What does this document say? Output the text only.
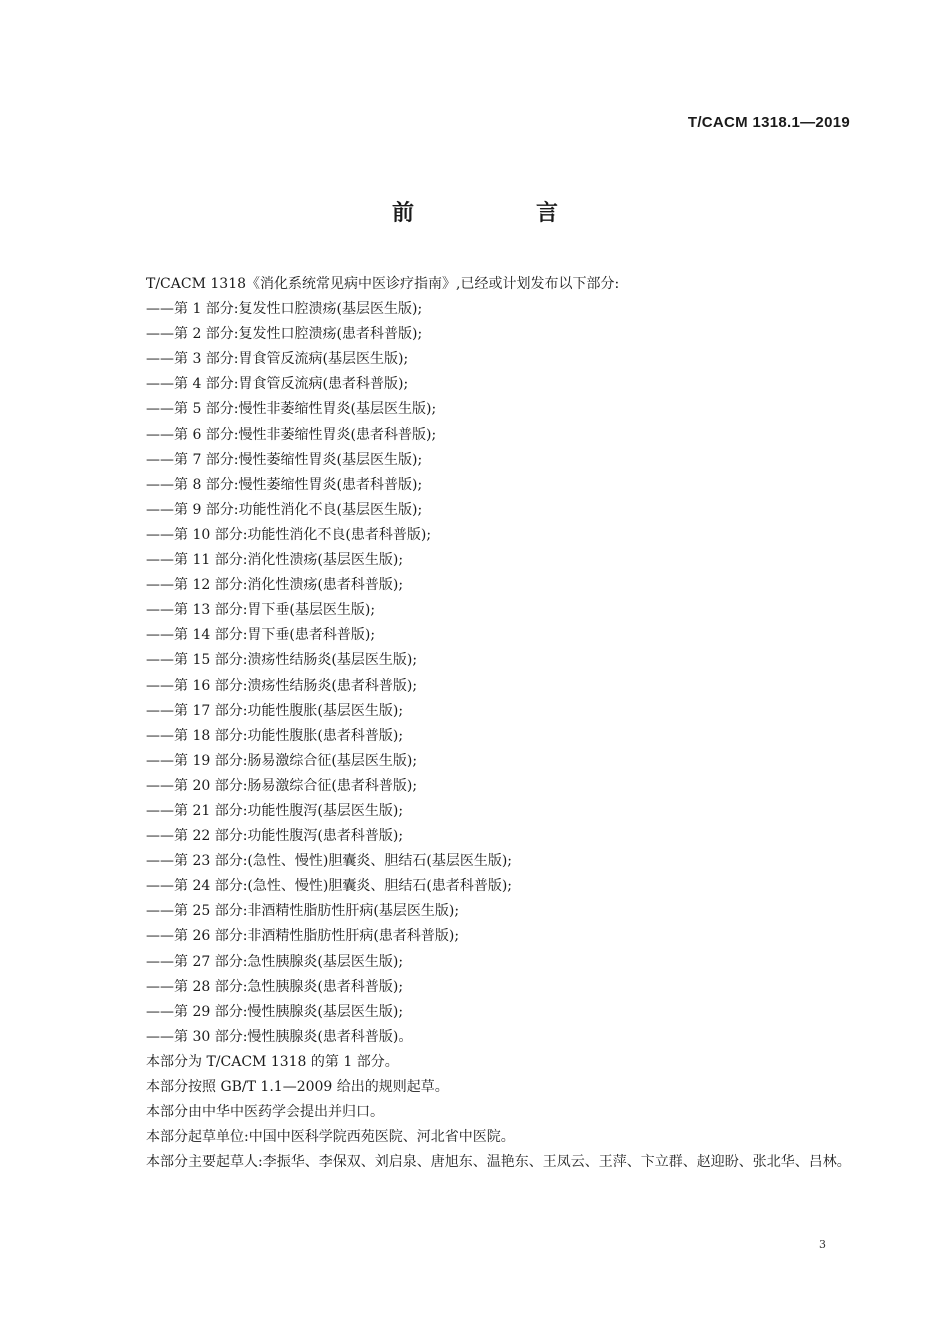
T/CACM 1318.1—2019
前　言
T/CACM 1318《消化系统常见病中医诊疗指南》,已经或计划发布以下部分:
——第 1 部分:复发性口腔溃疡(基层医生版);
——第 2 部分:复发性口腔溃疡(患者科普版);
——第 3 部分:胃食管反流病(基层医生版);
——第 4 部分:胃食管反流病(患者科普版);
——第 5 部分:慢性非萎缩性胃炎(基层医生版);
——第 6 部分:慢性非萎缩性胃炎(患者科普版);
——第 7 部分:慢性萎缩性胃炎(基层医生版);
——第 8 部分:慢性萎缩性胃炎(患者科普版);
——第 9 部分:功能性消化不良(基层医生版);
——第 10 部分:功能性消化不良(患者科普版);
——第 11 部分:消化性溃疡(基层医生版);
——第 12 部分:消化性溃疡(患者科普版);
——第 13 部分:胃下垂(基层医生版);
——第 14 部分:胃下垂(患者科普版);
——第 15 部分:溃疡性结肠炎(基层医生版);
——第 16 部分:溃疡性结肠炎(患者科普版);
——第 17 部分:功能性腹胀(基层医生版);
——第 18 部分:功能性腹胀(患者科普版);
——第 19 部分:肠易激综合征(基层医生版);
——第 20 部分:肠易激综合征(患者科普版);
——第 21 部分:功能性腹泻(基层医生版);
——第 22 部分:功能性腹泻(患者科普版);
——第 23 部分:(急性、慢性)胆囊炎、胆结石(基层医生版);
——第 24 部分:(急性、慢性)胆囊炎、胆结石(患者科普版);
——第 25 部分:非酒精性脂肪性肝病(基层医生版);
——第 26 部分:非酒精性脂肪性肝病(患者科普版);
——第 27 部分:急性胰腺炎(基层医生版);
——第 28 部分:急性胰腺炎(患者科普版);
——第 29 部分:慢性胰腺炎(基层医生版);
——第 30 部分:慢性胰腺炎(患者科普版)。
本部分为 T/CACM 1318 的第 1 部分。
本部分按照 GB/T 1.1—2009 给出的规则起草。
本部分由中华中医药学会提出并归口。
本部分起草单位:中国中医科学院西苑医院、河北省中医院。
本部分主要起草人:李振华、李保双、刘启泉、唐旭东、温艳东、王凤云、王萍、卞立群、赵迎盼、张北华、吕林。
3
